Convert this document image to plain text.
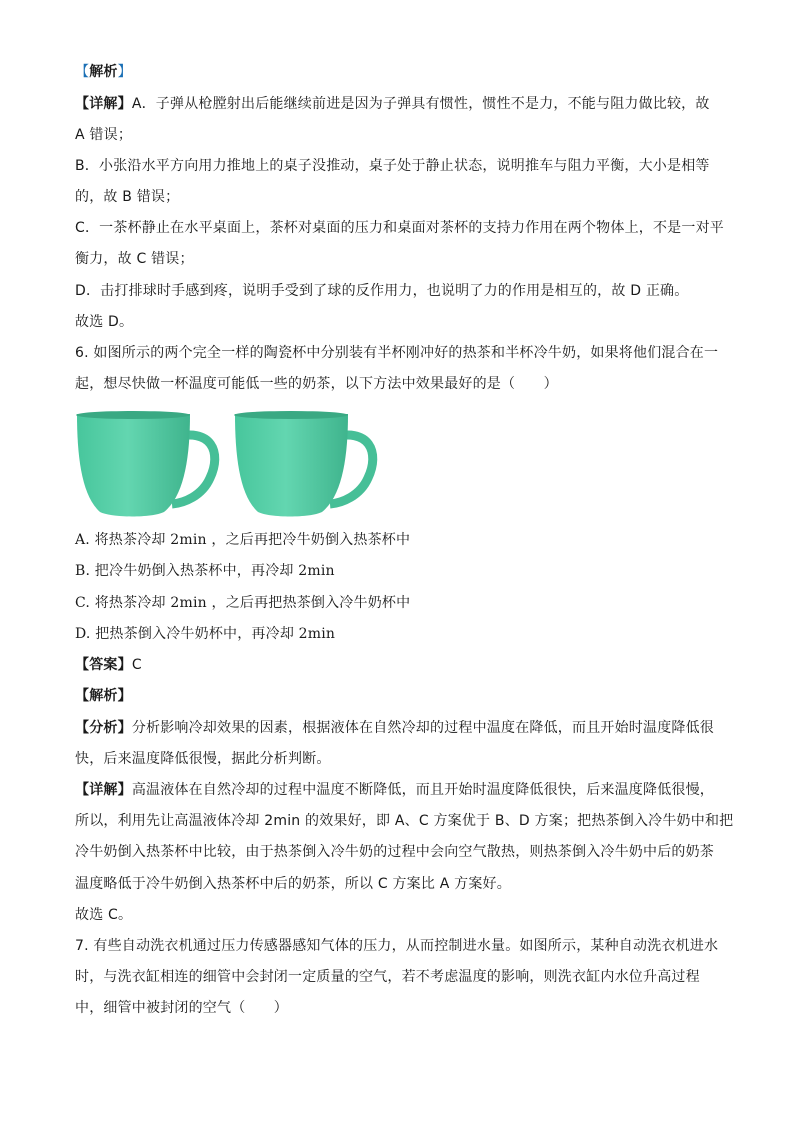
【解析】
【详解】A．子弹从枪膛射出后能继续前进是因为子弹具有惯性，惯性不是力，不能与阻力做比较，故
A 错误；
B．小张沿水平方向用力推地上的桌子没推动，桌子处于静止状态，说明推车与阻力平衡，大小是相等
的，故 B 错误；
C．一茶杯静止在水平桌面上，茶杯对桌面的压力和桌面对茶杯的支持力作用在两个物体上，不是一对平
衡力，故 C 错误；
D．击打排球时手感到疼，说明手受到了球的反作用力，也说明了力的作用是相互的，故 D 正确。
故选 D。
6. 如图所示的两个完全一样的陶瓷杯中分别装有半杯刚冲好的热茶和半杯冷牛奶，如果将他们混合在一
起，想尽快做一杯温度可能低一些的奶茶，以下方法中效果最好的是（　　）
A. 将热茶冷却 2min ，之后再把冷牛奶倒入热茶杯中
B. 把冷牛奶倒入热茶杯中，再冷却 2min
C. 将热茶冷却 2min ，之后再把热茶倒入冷牛奶杯中
D. 把热茶倒入冷牛奶杯中，再冷却 2min
【答案】C
【解析】
【分析】分析影响冷却效果的因素，根据液体在自然冷却的过程中温度在降低，而且开始时温度降低很
快，后来温度降低很慢，据此分析判断。
【详解】高温液体在自然冷却的过程中温度不断降低，而且开始时温度降低很快，后来温度降低很慢，
所以，利用先让高温液体冷却 2min 的效果好，即 A、C 方案优于 B、D 方案；把热茶倒入冷牛奶中和把
冷牛奶倒入热茶杯中比较，由于热茶倒入冷牛奶的过程中会向空气散热，则热茶倒入冷牛奶中后的奶茶
温度略低于冷牛奶倒入热茶杯中后的奶茶，所以 C 方案比 A 方案好。
故选 C。
7. 有些自动洗衣机通过压力传感器感知气体的压力，从而控制进水量。如图所示，某种自动洗衣机进水
时，与洗衣缸相连的细管中会封闭一定质量的空气，若不考虑温度的影响，则洗衣缸内水位升高过程
中，细管中被封闭的空气（　　）
